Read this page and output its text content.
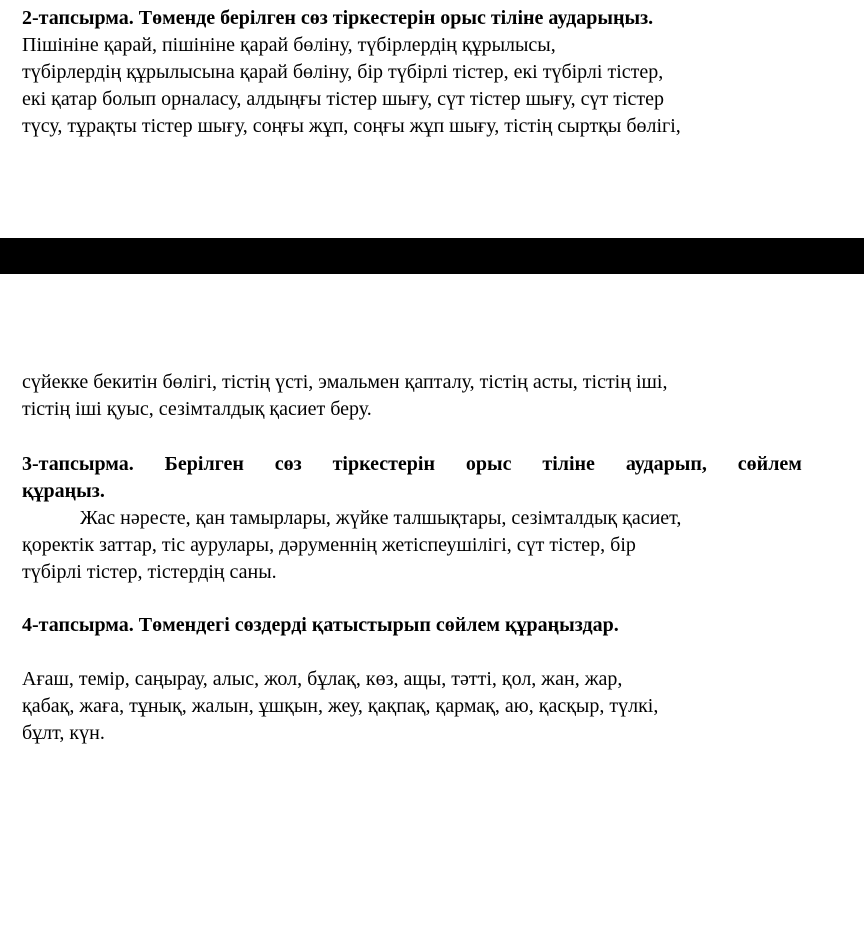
2-тапсырма. Төменде берілген сөз тіркестерін орыс тіліне аударыңыз.
Пішініне қарай, пішініне қарай бөліну, түбірлердің құрылысы,
түбірлердің құрылысына қарай бөліну, бір түбірлі тістер, екі түбірлі тістер,
екі қатар болып орналасу, алдыңғы тістер шығу, сүт тістер шығу, сүт тістер
түсу, тұрақты тістер шығу, соңғы жұп, соңғы жұп шығу, тістің сыртқы бөлігі,
сүйекке бекитін бөлігі, тістің үсті, эмальмен қапталу, тістің асты, тістің іші,
тістің іші қуыс, сезімталдық қасиет беру.
3-тапсырма. Берілген сөз тіркестерін орыс тіліне аударып, сөйлем
құраңыз.
Жас нәресте, қан тамырлары, жүйке талшықтары, сезімталдық қасиет,
қоректік заттар, тіс аурулары, дәруменнің жетіспеушілігі, сүт тістер, бір
түбірлі тістер, тістердің саны.
4-тапсырма. Төмендегі сөздерді қатыстырып сөйлем құраңыздар.
Ағаш, темір, саңырау, алыс, жол, бұлақ, көз, ащы, тәтті, қол, жан, жар,
қабақ, жаға, тұнық, жалын, ұшқын, жеу, қақпақ, қармақ, аю, қасқыр, түлкі,
бұлт, күн.
